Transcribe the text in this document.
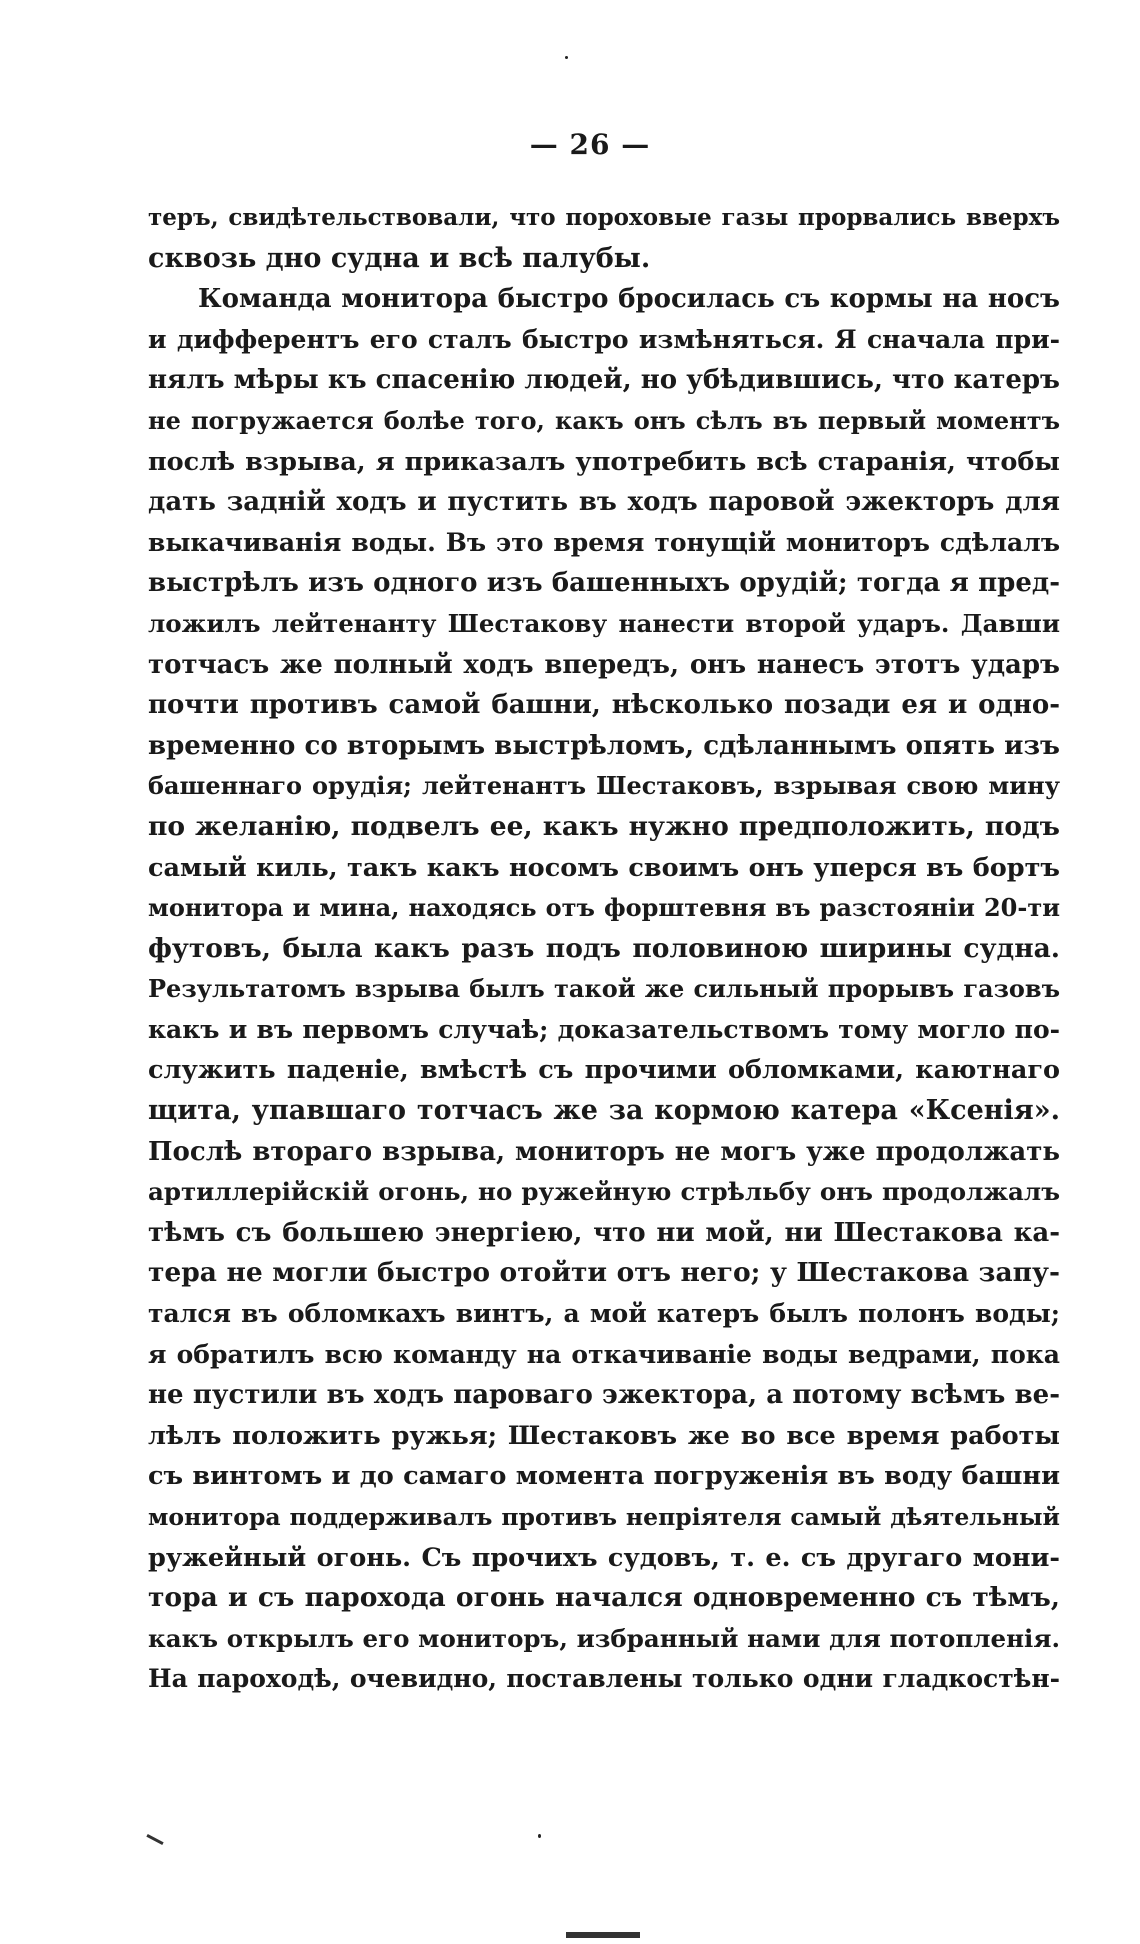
— 26 —
теръ, свидѣтельствовали, что пороховые газы прорвались вверхъ
сквозь дно судна и всѣ палубы.
Команда монитора быстро бросилась съ кормы на носъ
и дифферентъ его сталъ быстро измѣняться. Я сначала при-
нялъ мѣры къ спасенію людей, но убѣдившись, что катеръ
не погружается болѣе того, какъ онъ сѣлъ въ первый моментъ
послѣ взрыва, я приказалъ употребить всѣ старанія, чтобы
дать задній ходъ и пустить въ ходъ паровой эжекторъ для
выкачиванія воды. Въ это время тонущій мониторъ сдѣлалъ
выстрѣлъ изъ одного изъ башенныхъ орудій; тогда я пред-
ложилъ лейтенанту Шестакову нанести второй ударъ. Давши
тотчасъ же полный ходъ впередъ, онъ нанесъ этотъ ударъ
почти противъ самой башни, нѣсколько позади ея и одно-
временно со вторымъ выстрѣломъ, сдѣланнымъ опять изъ
башеннаго орудія; лейтенантъ Шестаковъ, взрывая свою мину
по желанію, подвелъ ее, какъ нужно предположить, подъ
самый киль, такъ какъ носомъ своимъ онъ уперся въ бортъ
монитора и мина, находясь отъ форштевня въ разстояніи 20-ти
футовъ, была какъ разъ подъ половиною ширины судна.
Результатомъ взрыва былъ такой же сильный прорывъ газовъ
какъ и въ первомъ случаѣ; доказательствомъ тому могло по-
служить паденіе, вмѣстѣ съ прочими обломками, каютнаго
щита, упавшаго тотчасъ же за кормою катера «Ксенія».
Послѣ втораго взрыва, мониторъ не могъ уже продолжать
артиллерійскій огонь, но ружейную стрѣльбу онъ продолжалъ
тѣмъ съ большею энергіею, что ни мой, ни Шестакова ка-
тера не могли быстро отойти отъ него; у Шестакова запу-
тался въ обломкахъ винтъ, а мой катеръ былъ полонъ воды;
я обратилъ всю команду на откачиваніе воды ведрами, пока
не пустили въ ходъ пароваго эжектора, а потому всѣмъ ве-
лѣлъ положить ружья; Шестаковъ же во все время работы
съ винтомъ и до самаго момента погруженія въ воду башни
монитора поддерживалъ противъ непріятеля самый дѣятельный
ружейный огонь. Съ прочихъ судовъ, т. е. съ другаго мони-
тора и съ парохода огонь начался одновременно съ тѣмъ,
какъ открылъ его мониторъ, избранный нами для потопленія.
На пароходѣ, очевидно, поставлены только одни гладкостѣн-
